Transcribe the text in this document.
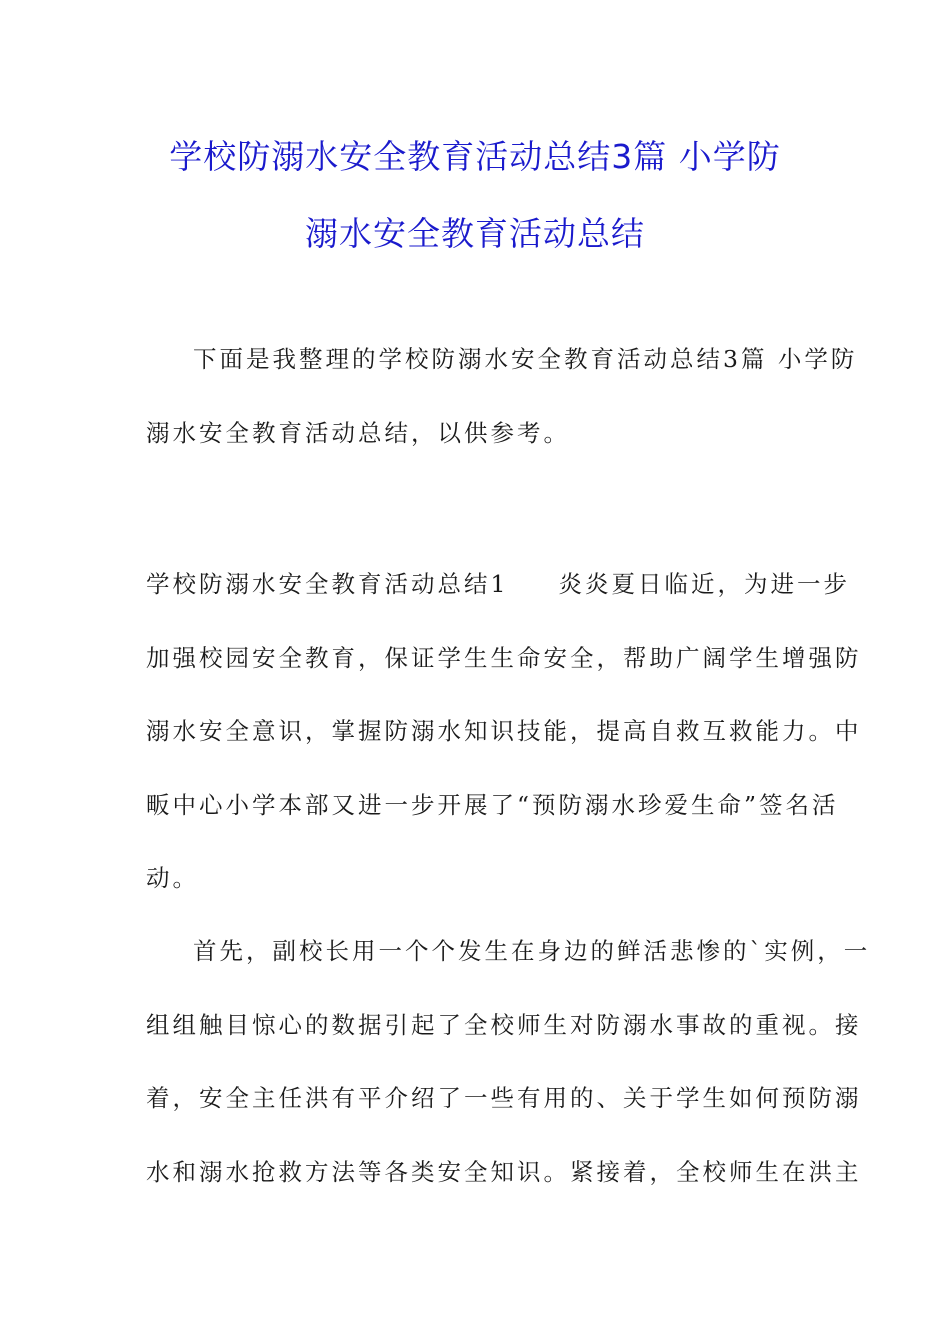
学校防溺水安全教育活动总结3篇 小学防
溺水安全教育活动总结

下面是我整理的学校防溺水安全教育活动总结3篇 小学防
溺水安全教育活动总结，以供参考。

学校防溺水安全教育活动总结1 炎炎夏日临近，为进一步
加强校园安全教育，保证学生生命安全，帮助广阔学生增强防
溺水安全意识，掌握防溺水知识技能，提高自救互救能力。中
畈中心小学本部又进一步开展了“预防溺水珍爱生命”签名活
动。

首先，副校长用一个个发生在身边的鲜活悲惨的`实例，一
组组触目惊心的数据引起了全校师生对防溺水事故的重视。接
着，安全主任洪有平介绍了一些有用的、关于学生如何预防溺
水和溺水抢救方法等各类安全知识。紧接着，全校师生在洪主
